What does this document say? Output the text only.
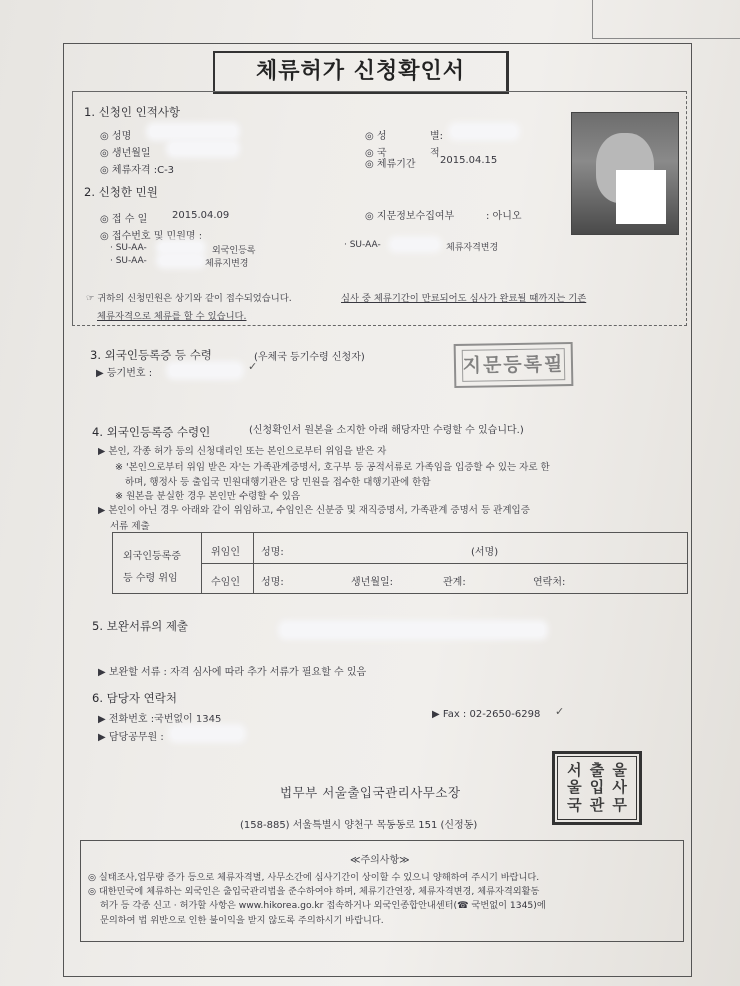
체류허가 신청확인서
1. 신청인 인적사항
◎ 성명
◎ 생년월일
◎ 체류자격 :C-3
◎ 성	별:
◎ 국	적
◎ 체류기간 2015.04.15
2. 신청한 민원
◎ 접 수 일 2015.04.09	◎ 지문정보수집여부	: 아니오
◎ 접수번호 및 민원명 :
· SU-AA-	외국인등록
· SU-AA-	체류자격변경
· SU-AA-	체류지변경
☞ 귀하의 신청민원은 상기와 같이 접수되었습니다.	심사 중 체류기간이 만료되어도 심사가 완료될 때까지는 기존
체류자격으로 체류를 할 수 있습니다.
3. 외국인등록증 등 수령	(우체국 등기수령 신청자)
▶ 등기번호 :
✓	지문등록필
4. 외국인등록증 수령인	(신청확인서 원본을 소지한 아래 해당자만 수령할 수 있습니다.)
▶ 본인, 각종 허가 등의 신청대리인 또는 본인으로부터 위임을 받은 자
※ '본인으로부터 위임 받은 자'는 가족관계증명서, 호구부 등 공적서류로 가족임을 입증할 수 있는 자로 한
하며, 행정사 등 출입국 민원대행기관은 당 민원을 접수한 대행기관에 한함
※ 원본을 분실한 경우 본인만 수령할 수 있음
▶ 본인이 아닌 경우 아래와 같이 위임하고, 수임인은 신분증 및 재직증명서, 가족관계 증명서 등 관계입증
서류 제출
외국인등록증
등 수령 위임
위임인
수임인
성명:	(서명)
성명:	생년월일:	관계:	연락처:
5. 보완서류의 제출
▶ 보완할 서류 : 자격 심사에 따라 추가 서류가 필요할 수 있음
6. 담당자 연락처
▶ 전화번호 :국번없이 1345	▶ Fax : 02-2650-6298 ✓
▶ 담당공무원 :
법무부 서울출입국관리사무소장
(158-885) 서울특별시 양천구 목동동로 151 (신정동)
서 출 울
울 입 사
국 관 무
≪주의사항≫
◎ 실태조사,업무량 증가 등으로 체류자격별, 사무소간에 심사기간이 상이할 수 있으니 양해하여 주시기 바랍니다.
◎ 대한민국에 체류하는 외국인은 출입국관리법을 준수하여야 하며, 체류기간연장, 체류자격변경, 체류자격외활동
허가 등 각종 신고 · 허가할 사항은 www.hikorea.go.kr 접속하거나 외국인종합안내센터(☎ 국번없이 1345)에
문의하여 법 위반으로 인한 불이익을 받지 않도록 주의하시기 바랍니다.
